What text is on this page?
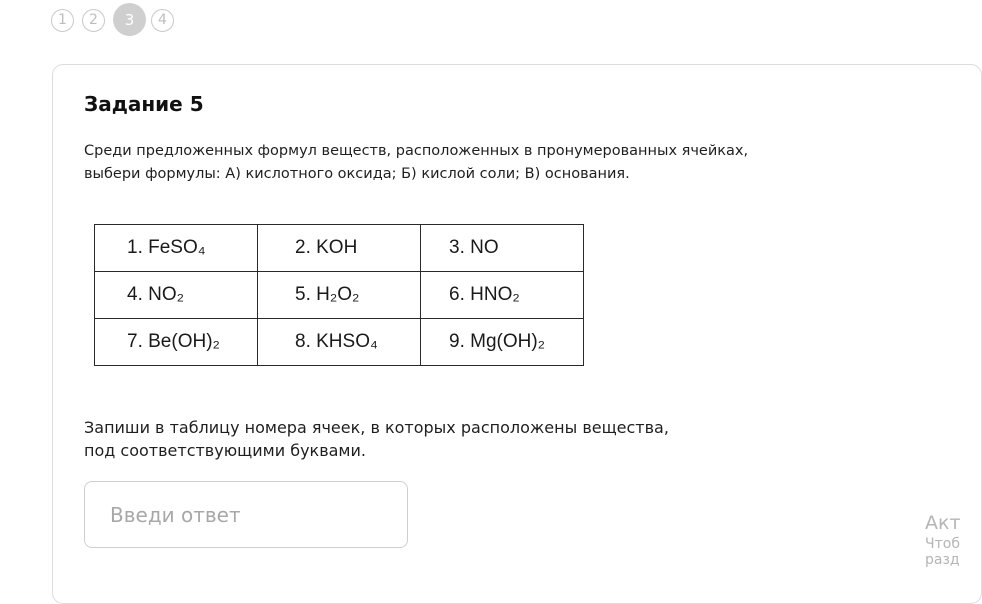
1	2	3	4
Задание 5

Среди предложенных формул веществ, расположенных в пронумерованных ячейках, выбери формулы: А) кислотного оксида; Б) кислой соли; В) основания.

1. FeSO₄	2. KOH	3. NO
4. NO₂	5. H₂O₂	6. HNO₂
7. Be(OH)₂	8. KHSO₄	9. Mg(OH)₂

Запиши в таблицу номера ячеек, в которых расположены вещества, под соответствующими буквами.

Введи ответ
Акт
Чтоб
разд
